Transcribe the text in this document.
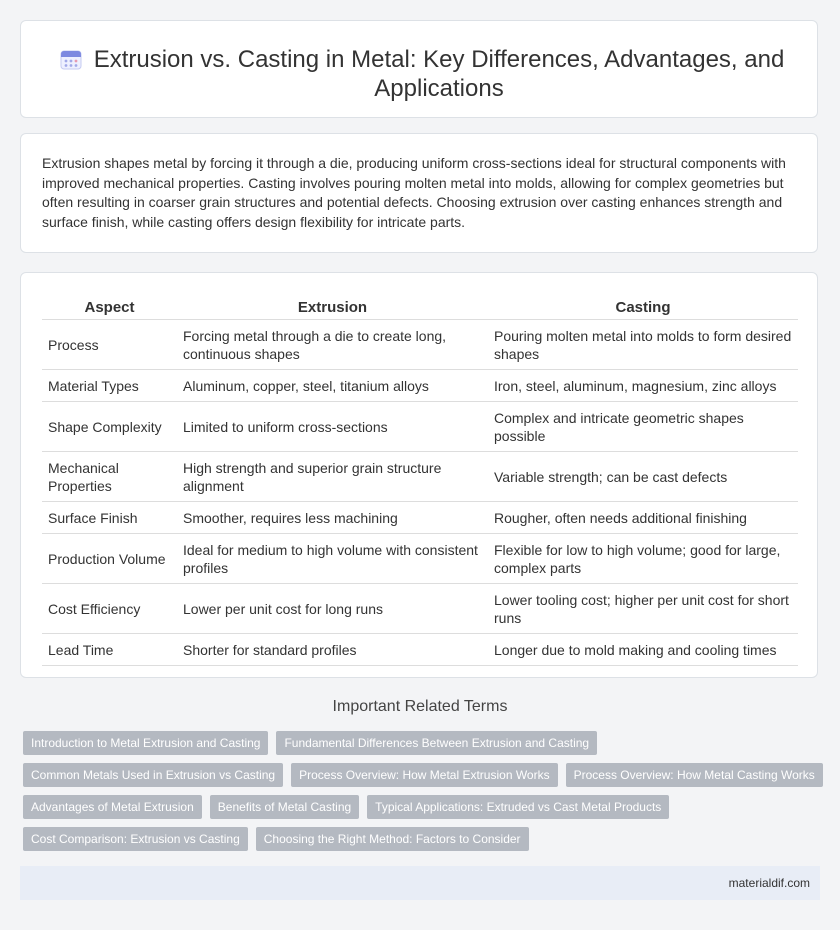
Extrusion vs. Casting in Metal: Key Differences, Advantages, and Applications

Extrusion shapes metal by forcing it through a die, producing uniform cross-sections ideal for structural components with improved mechanical properties. Casting involves pouring molten metal into molds, allowing for complex geometries but often resulting in coarser grain structures and potential defects. Choosing extrusion over casting enhances strength and surface finish, while casting offers design flexibility for intricate parts.

Aspect	Extrusion	Casting
Process	Forcing metal through a die to create long, continuous shapes	Pouring molten metal into molds to form desired shapes
Material Types	Aluminum, copper, steel, titanium alloys	Iron, steel, aluminum, magnesium, zinc alloys
Shape Complexity	Limited to uniform cross-sections	Complex and intricate geometric shapes possible
Mechanical Properties	High strength and superior grain structure alignment	Variable strength; can be cast defects
Surface Finish	Smoother, requires less machining	Rougher, often needs additional finishing
Production Volume	Ideal for medium to high volume with consistent profiles	Flexible for low to high volume; good for large, complex parts
Cost Efficiency	Lower per unit cost for long runs	Lower tooling cost; higher per unit cost for short runs
Lead Time	Shorter for standard profiles	Longer due to mold making and cooling times
Important Related Terms
Introduction to Metal Extrusion and Casting	Fundamental Differences Between Extrusion and Casting
Common Metals Used in Extrusion vs Casting	Process Overview: How Metal Extrusion Works	Process Overview: How Metal Casting Works
Advantages of Metal Extrusion	Benefits of Metal Casting	Typical Applications: Extruded vs Cast Metal Products
Cost Comparison: Extrusion vs Casting	Choosing the Right Method: Factors to Consider
materialdif.com
